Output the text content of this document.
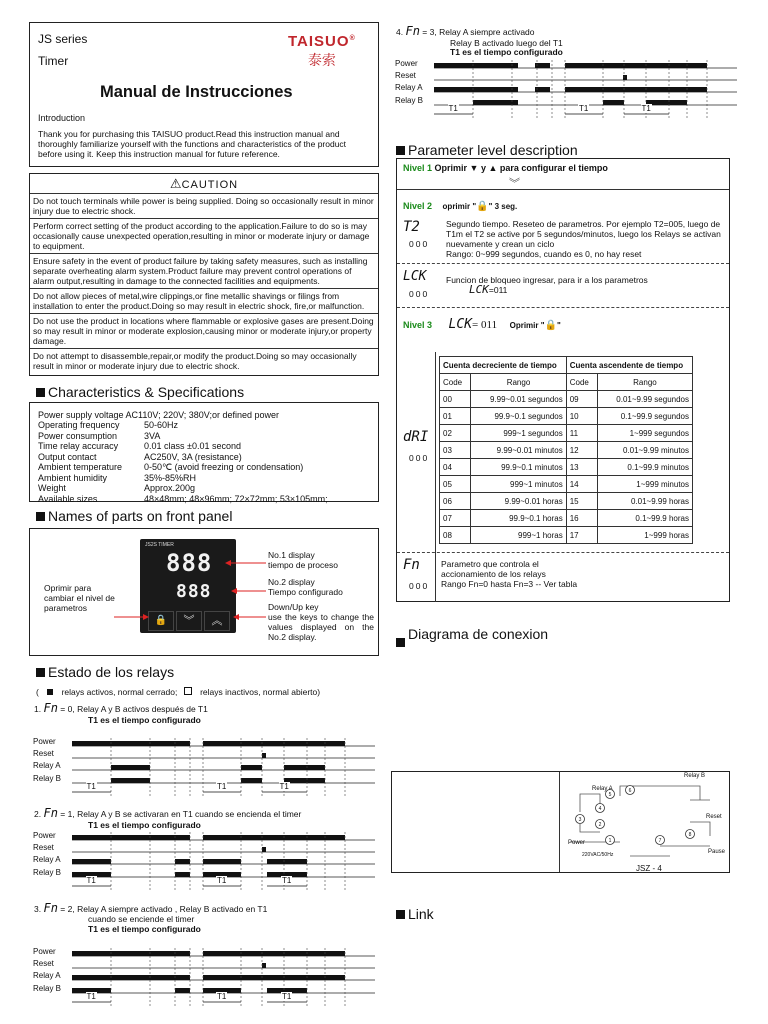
JS series
Timer
TAISUO®
泰索
Manual de Instrucciones
Introduction
Thank you for purchasing this TAISUO product.Read this instruction manual and thoroughly familiarize yourself with the functions and characteristics of the product before using it. Keep this instruction manual for future reference.
⚠CAUTION
Do not touch terminals while power is being supplied. Doing so occasionally result in minor injury due to electric shock.
Perform correct setting of the product according to the application.Failure to do so is may occasionally cause unexpected operation,resulting in minor or moderate injury or damage to equipment.
Ensure safety in the event of product failure by taking safety measures, such as installing separate overheating alarm system.Product failure may prevent control operations of alarm output,resulting in damage to the connected facilities and equipments.
Do not allow pieces of metal,wire clippings,or fine metallic shavings or filings from installation to enter the product.Doing so may result in electric shock, fire,or malfunction.
Do not use the product in locations where flammable or explosive gases are present.Doing so may result in minor or moderate explosion,causing minor or moderate injury,or property damage.
Do not attempt to disassemble,repair,or modify the product.Doing so may occasionally result in minor or moderate injury due to electric shock.
Characteristics & Specifications
Power supply voltage AC110V; 220V; 380V;or defined power
Operating frequency	50-60Hz
Power consumption	3VA
Time relay accuracy	0.01 class ±0.01 second
Output contact	AC250V, 3A (resistance)
Ambient temperature	0-50℃ (avoid freezing or condensation)
Ambient humidity	35%-85%RH
Weight	Approx.200g
Available sizes	48×48mm; 48×96mm; 72×72mm; 53×105mm;
Names of parts on front panel
JS2S TIMER
888
888
🔒	︾	︽
Oprimir para cambiar el nivel de parametros
No.1 display
tiempo de proceso
No.2 display
Tiempo configurado
Down/Up key
use the keys to change the values displayed on the No.2 display.
Estado de los relays
(	relays activos, normal cerrado;	relays inactivos, normal abierto)
1. Fn = 0, Relay A y B activos después de T1
T1 es el tiempo configurado
2. Fn = 1, Relay A y B se activaran en T1 cuando se encienda el timer
T1 es el tiempo configurado
3. Fn = 2, Relay A siempre activado , Relay B activado en T1
cuando se enciende el timer
T1 es el tiempo configurado
Power
Reset
Relay A
Relay B
T1	T1	T1
Power
Reset
Relay A
Relay B
T1	T1	T1
Power
Reset
Relay A
Relay B
T1	T1	T1
4. Fn = 3, Relay A siempre activado
Relay B activado luego del T1
T1 es el tiempo configurado
Power
Reset
Relay A
Relay B
T1	T1	T1
Parameter level description
Nivel 1 Oprimir ▼ y ▲ para configurar el tiempo
︾
Nivel 2 oprimir "🔒" 3 seg.
T2
000
Segundo tiempo. Reseteo de parametros. Por ejemplo T2=005, luego de T1m el T2 se active por 5 segundos/minutos, luego los Relays se activan nuevamente y crean un ciclo
Rango: 0~999 segundos, cuando es 0, no hay reset
LCK
000
Funcion de bloqueo ingresar, para ir a los parametros
LCK=011
Nivel 3 LCK= 011 Oprimir "🔒"
Cuenta decreciente de tiempo		Cuenta ascendente de tiempo	
Code	Rango	Code	Rango
00	9.99~0.01 segundos	09	0.01~9.99 segundos
01	99.9~0.1 segundos	10	0.1~99.9 segundos
02	999~1 segundos	11	1~999 segundos
03	9.99~0.01 minutos	12	0.01~9.99 minutos
04	99.9~0.1 minutos	13	0.1~99.9 minutos
05	999~1 minutos	14	1~999 minutos
06	9.99~0.01 horas	15	0.01~9.99 horas
07	99.9~0.1 horas	16	0.1~99.9 horas
08	999~1 horas	17	1~999 horas
dRI
000
Fn
000
Parametro que controla el
accionamiento de los relays
Rango Fn=0 hasta Fn=3 -- Ver tabla
Diagrama de conexion
1
2
3
4
5
6
7
8
Relay A
Relay B
Reset
Pause
Power
220VAC/50Hz
JSZ - 4
Link
